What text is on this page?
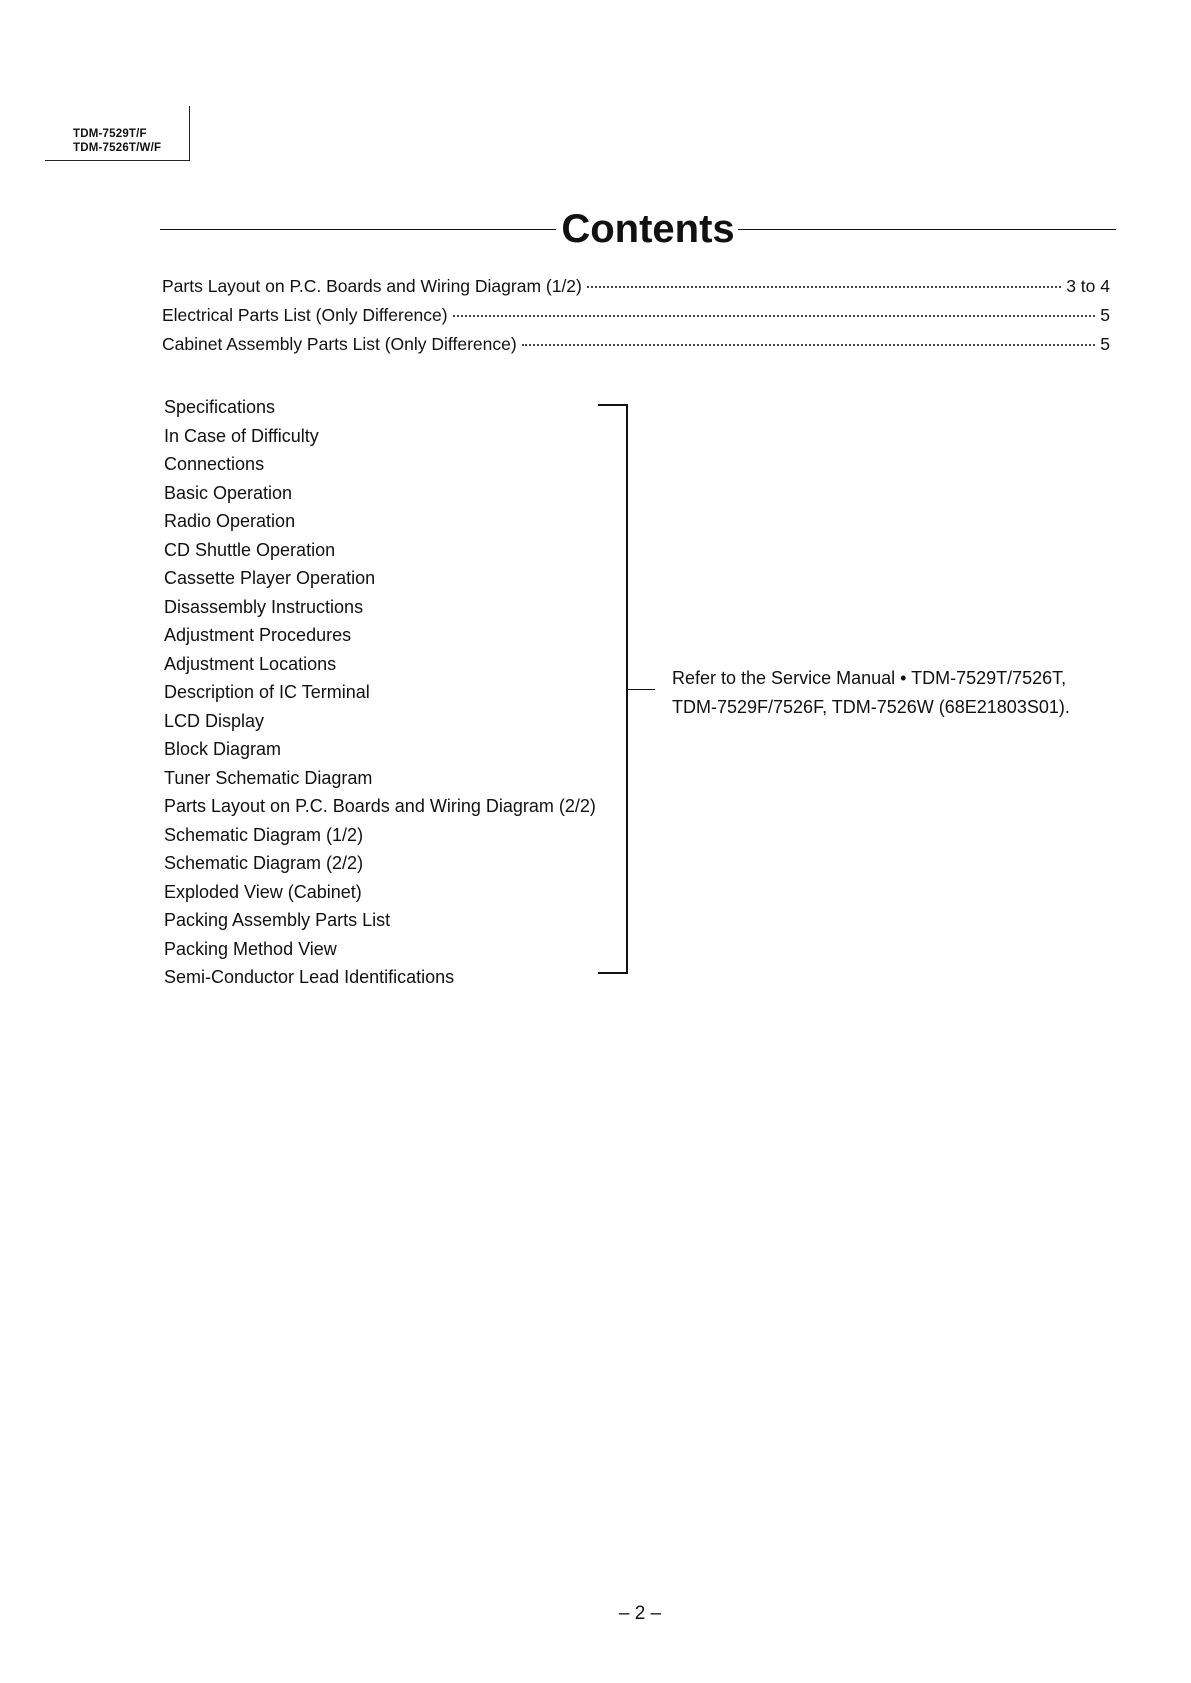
TDM-7529T/F
TDM-7526T/W/F
Contents
Parts Layout on P.C. Boards and Wiring Diagram (1/2)	3 to 4
Electrical Parts List (Only Difference)	5
Cabinet Assembly Parts List (Only Difference)	5
Specifications
In Case of Difficulty
Connections
Basic Operation
Radio Operation
CD Shuttle Operation
Cassette Player Operation
Disassembly Instructions
Adjustment Procedures
Adjustment Locations
Description of IC Terminal
LCD Display
Block Diagram
Tuner Schematic Diagram
Parts Layout on P.C. Boards and Wiring Diagram (2/2)
Schematic Diagram (1/2)
Schematic Diagram (2/2)
Exploded View (Cabinet)
Packing Assembly Parts List
Packing Method View
Semi-Conductor Lead Identifications
Refer to the Service Manual • TDM-7529T/7526T,
TDM-7529F/7526F, TDM-7526W (68E21803S01).
– 2 –
